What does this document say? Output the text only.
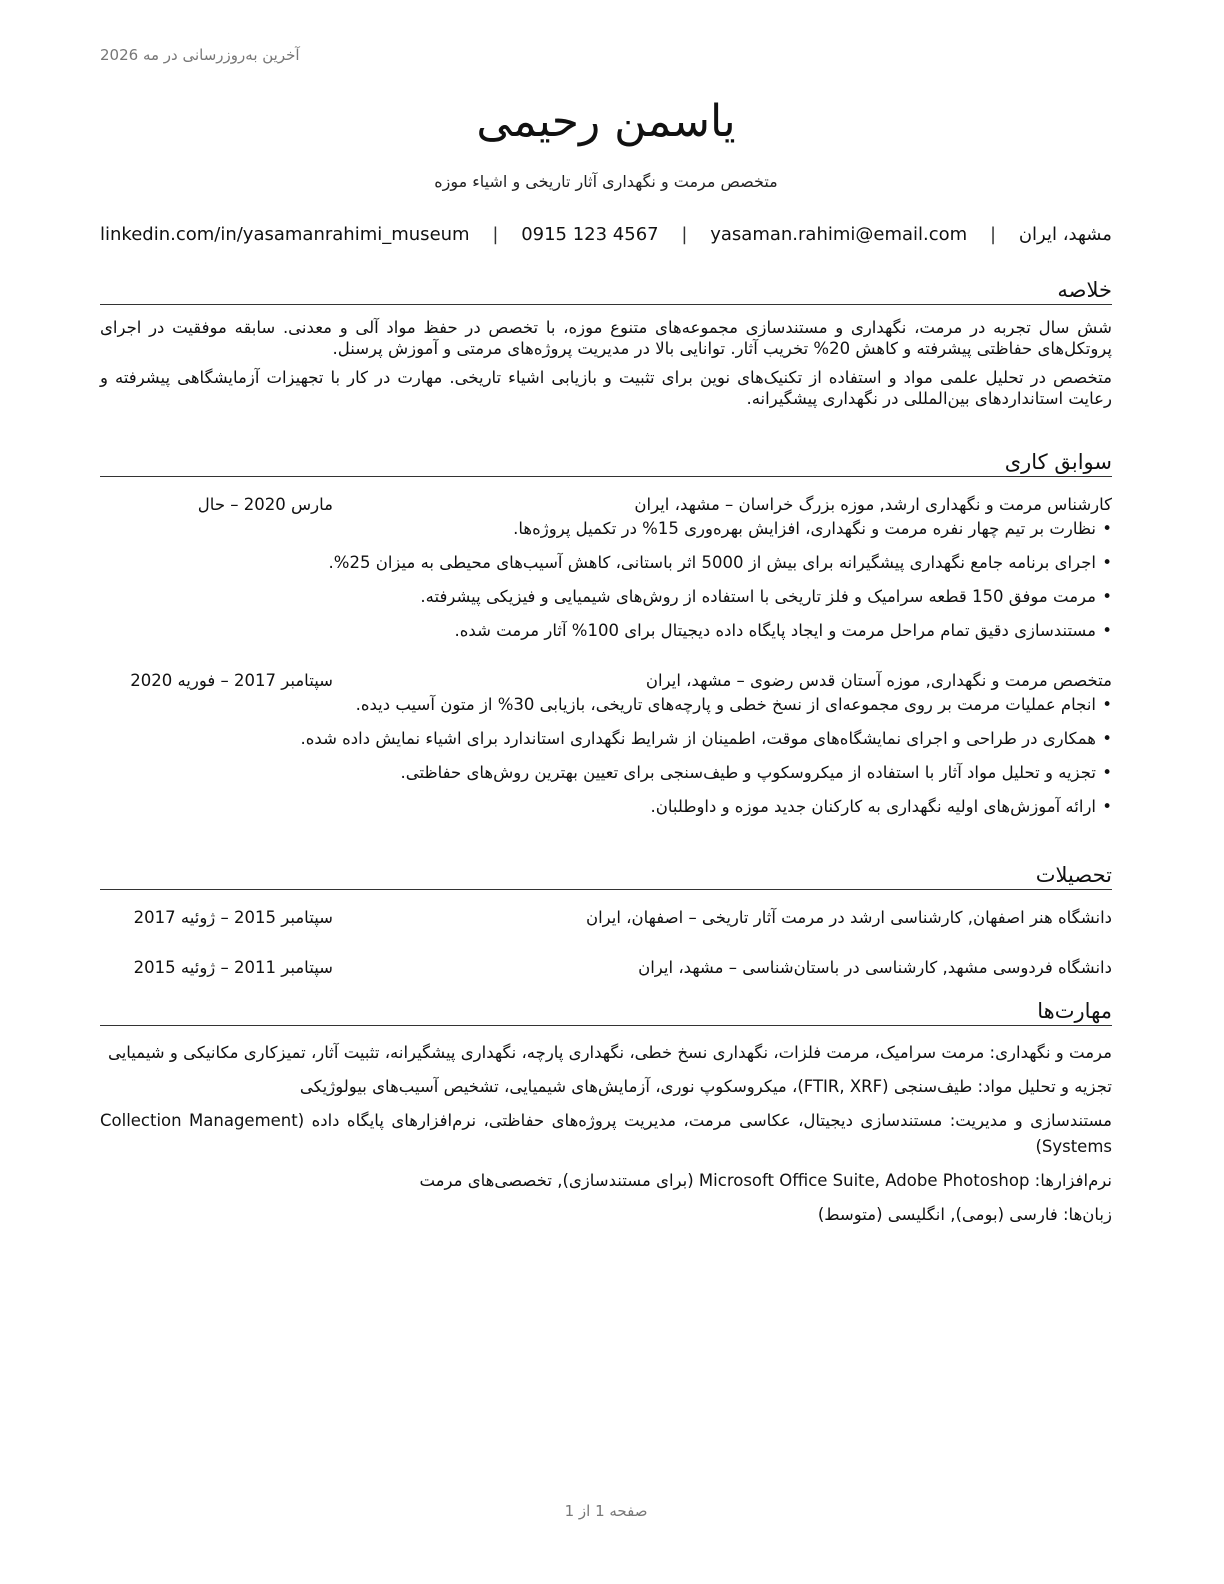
آخرین به‌روزرسانی در مه 2026
یاسمن رحیمی
متخصص مرمت و نگهداری آثار تاریخی و اشیاء موزه
linkedin.com/in/yasamanrahimi_museum | 0915 123 4567 | yasaman.rahimi@email.com | مشهد، ایران
خلاصه
شش سال تجربه در مرمت، نگهداری و مستندسازی مجموعه‌های متنوع موزه، با تخصص در حفظ مواد آلی و معدنی. سابقه موفقیت در اجرای پروتکل‌های حفاظتی پیشرفته و کاهش 20% تخریب آثار. توانایی بالا در مدیریت پروژه‌های مرمتی و آموزش پرسنل.
متخصص در تحلیل علمی مواد و استفاده از تکنیک‌های نوین برای تثبیت و بازیابی اشیاء تاریخی. مهارت در کار با تجهیزات آزمایشگاهی پیشرفته و رعایت استانداردهای بین‌المللی در نگهداری پیشگیرانه.
سوابق کاری
کارشناس مرمت و نگهداری ارشد, موزه بزرگ خراسان – مشهد، ایران
مارس 2020 – حال
•
نظارت بر تیم چهار نفره مرمت و نگهداری، افزایش بهره‌وری 15% در تکمیل پروژه‌ها.
•
اجرای برنامه جامع نگهداری پیشگیرانه برای بیش از 5000 اثر باستانی، کاهش آسیب‌های محیطی به میزان 25%.
•
مرمت موفق 150 قطعه سرامیک و فلز تاریخی با استفاده از روش‌های شیمیایی و فیزیکی پیشرفته.
•
مستندسازی دقیق تمام مراحل مرمت و ایجاد پایگاه داده دیجیتال برای 100% آثار مرمت شده.
متخصص مرمت و نگهداری, موزه آستان قدس رضوی – مشهد، ایران
سپتامبر 2017 – فوریه 2020
•
انجام عملیات مرمت بر روی مجموعه‌ای از نسخ خطی و پارچه‌های تاریخی، بازیابی 30% از متون آسیب دیده.
•
همکاری در طراحی و اجرای نمایشگاه‌های موقت، اطمینان از شرایط نگهداری استاندارد برای اشیاء نمایش داده شده.
•
تجزیه و تحلیل مواد آثار با استفاده از میکروسکوپ و طیف‌سنجی برای تعیین بهترین روش‌های حفاظتی.
•
ارائه آموزش‌های اولیه نگهداری به کارکنان جدید موزه و داوطلبان.
تحصیلات
دانشگاه هنر اصفهان, کارشناسی ارشد در مرمت آثار تاریخی – اصفهان، ایران
سپتامبر 2015 – ژوئیه 2017
دانشگاه فردوسی مشهد, کارشناسی در باستان‌شناسی – مشهد، ایران
سپتامبر 2011 – ژوئیه 2015
مهارت‌ها
مرمت و نگهداری: مرمت سرامیک، مرمت فلزات، نگهداری نسخ خطی، نگهداری پارچه، نگهداری پیشگیرانه، تثبیت آثار، تمیزکاری مکانیکی و شیمیایی
تجزیه و تحلیل مواد: طیف‌سنجی (FTIR, XRF)، میکروسکوپ نوری، آزمایش‌های شیمیایی، تشخیص آسیب‌های بیولوژیکی
مستندسازی و مدیریت: مستندسازی دیجیتال، عکاسی مرمت، مدیریت پروژه‌های حفاظتی، نرم‌افزارهای پایگاه داده (Collection Management Systems)
نرم‌افزارها: Microsoft Office Suite, Adobe Photoshop (برای مستندسازی), تخصصی‌های مرمت
زبان‌ها: فارسی (بومی), انگلیسی (متوسط)
صفحه 1 از 1
